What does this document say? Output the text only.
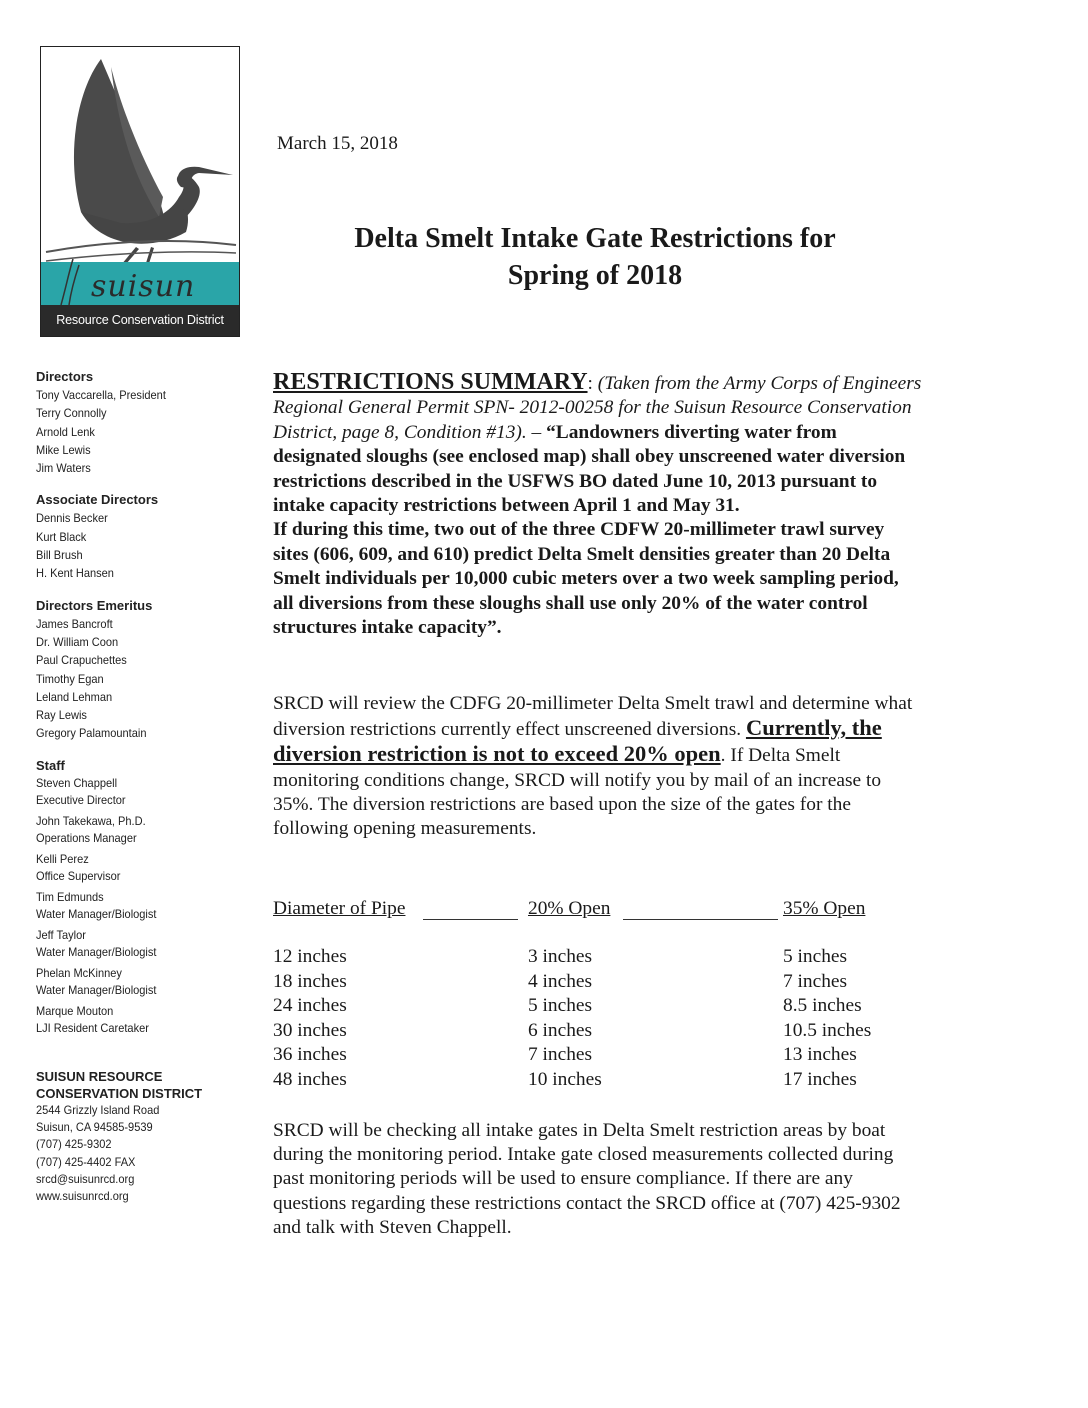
suisun
Resource Conservation District
Directors
Tony Vaccarella, President
Terry Connolly
Arnold Lenk
Mike Lewis
Jim Waters
Associate Directors
Dennis Becker
Kurt Black
Bill Brush
H. Kent Hansen
Directors Emeritus
James Bancroft
Dr. William Coon
Paul Crapuchettes
Timothy Egan
Leland Lehman
Ray Lewis
Gregory Palamountain
Staff
Steven Chappell
Executive Director
John Takekawa, Ph.D.
Operations Manager
Kelli Perez
Office Supervisor
Tim Edmunds
Water Manager/Biologist
Jeff Taylor
Water Manager/Biologist
Phelan McKinney
Water Manager/Biologist
Marque Mouton
LJI Resident Caretaker
SUISUN RESOURCE
CONSERVATION DISTRICT
2544 Grizzly Island Road
Suisun, CA 94585-9539
(707) 425-9302
(707) 425-4402 FAX
srcd@suisunrcd.org
www.suisunrcd.org
March 15, 2018
Delta Smelt Intake Gate Restrictions for
Spring of 2018
RESTRICTIONS SUMMARY: (Taken from the Army Corps of Engineers Regional General Permit SPN- 2012-00258 for the Suisun Resource Conservation District, page 8, Condition #13). – “Landowners diverting water from designated sloughs (see enclosed map) shall obey unscreened water diversion restrictions described in the USFWS BO dated June 10, 2013 pursuant to intake capacity restrictions between April 1 and May 31.
If during this time, two out of the three CDFW 20-millimeter trawl survey sites (606, 609, and 610) predict Delta Smelt densities greater than 20 Delta Smelt individuals per 10,000 cubic meters over a two week sampling period, all diversions from these sloughs shall use only 20% of the water control structures intake capacity”.
SRCD will review the CDFG 20-millimeter Delta Smelt trawl and determine what diversion restrictions currently effect unscreened diversions. Currently, the diversion restriction is not to exceed 20% open. If Delta Smelt monitoring conditions change, SRCD will notify you by mail of an increase to 35%. The diversion restrictions are based upon the size of the gates for the following opening measurements.
Diameter of Pipe	20% Open	35% Open
12 inches	3 inches	5 inches
18 inches	4 inches	7 inches
24 inches	5 inches	8.5 inches
30 inches	6 inches	10.5 inches
36 inches	7 inches	13 inches
48 inches	10 inches	17 inches
SRCD will be checking all intake gates in Delta Smelt restriction areas by boat during the monitoring period. Intake gate closed measurements collected during past monitoring periods will be used to ensure compliance. If there are any questions regarding these restrictions contact the SRCD office at (707) 425-9302 and talk with Steven Chappell.
